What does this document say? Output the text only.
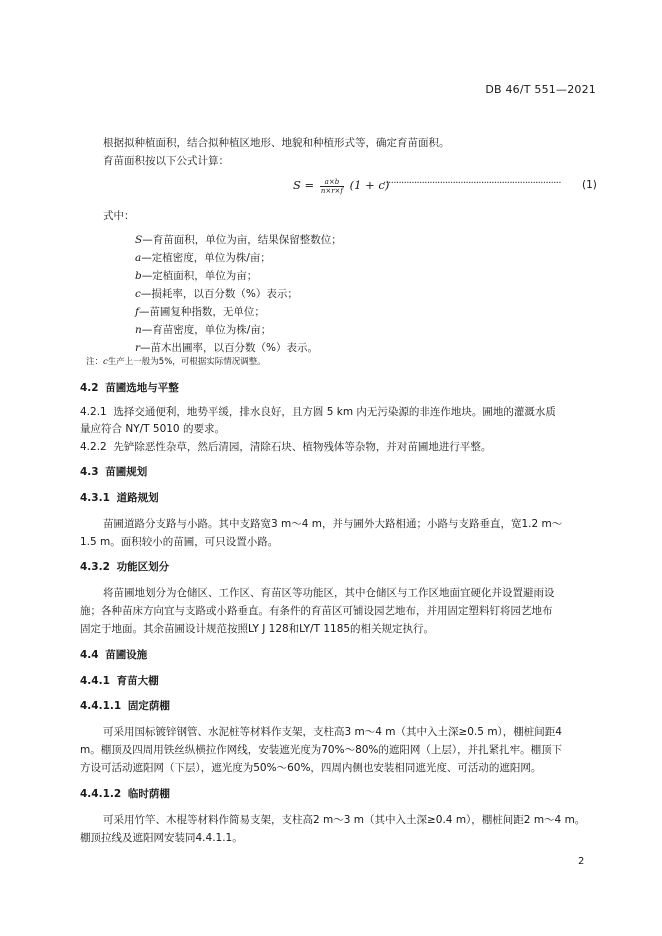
DB 46/T 551—2021
根据拟种植面积，结合拟种植区地形、地貌和种植形式等，确定育苗面积。
育苗面积按以下公式计算：
$S = \frac{a\times b}{n\times r\times f} (1 + c)$
·····································································	(1)
式中：
S—育苗面积，单位为亩，结果保留整数位；
a—定植密度，单位为株/亩；
b—定植面积，单位为亩；
c—损耗率，以百分数（%）表示；
f—苗圃复种指数，无单位；
n—育苗密度，单位为株/亩；
r—苗木出圃率，以百分数（%）表示。
注：c生产上一般为5%，可根据实际情况调整。
4.2 苗圃选地与平整
4.2.1 选择交通便利，地势平缓，排水良好，且方圆 5 km 内无污染源的非连作地块。圃地的灌溉水质
量应符合 NY/T 5010 的要求。
4.2.2 先铲除恶性杂草，然后清园，清除石块、植物残体等杂物，并对苗圃地进行平整。
4.3 苗圃规划
4.3.1 道路规划
苗圃道路分支路与小路。其中支路宽3 m～4 m，并与圃外大路相通；小路与支路垂直，宽1.2 m～
1.5 m。面积较小的苗圃，可只设置小路。
4.3.2 功能区划分
将苗圃地划分为仓储区、工作区、育苗区等功能区，其中仓储区与工作区地面宜硬化并设置避雨设
施；各种苗床方向宜与支路或小路垂直。有条件的育苗区可铺设园艺地布，并用固定塑料钉将园艺地布
固定于地面。其余苗圃设计规范按照LY J 128和LY/T 1185的相关规定执行。
4.4 苗圃设施
4.4.1 育苗大棚
4.4.1.1 固定荫棚
可采用国标镀锌钢管、水泥桩等材料作支架，支柱高3 m～4 m（其中入土深≥0.5 m），棚桩间距4
m。棚顶及四周用铁丝纵横拉作网线，安装遮光度为70%～80%的遮阳网（上层），并扎紧扎牢。棚顶下
方设可活动遮阳网（下层），遮光度为50%～60%，四周内侧也安装相同遮光度、可活动的遮阳网。
4.4.1.2 临时荫棚
可采用竹竿、木棍等材料作简易支架，支柱高2 m～3 m（其中入土深≥0.4 m），棚桩间距2 m～4 m。
棚顶拉线及遮阳网安装同4.4.1.1。
2
